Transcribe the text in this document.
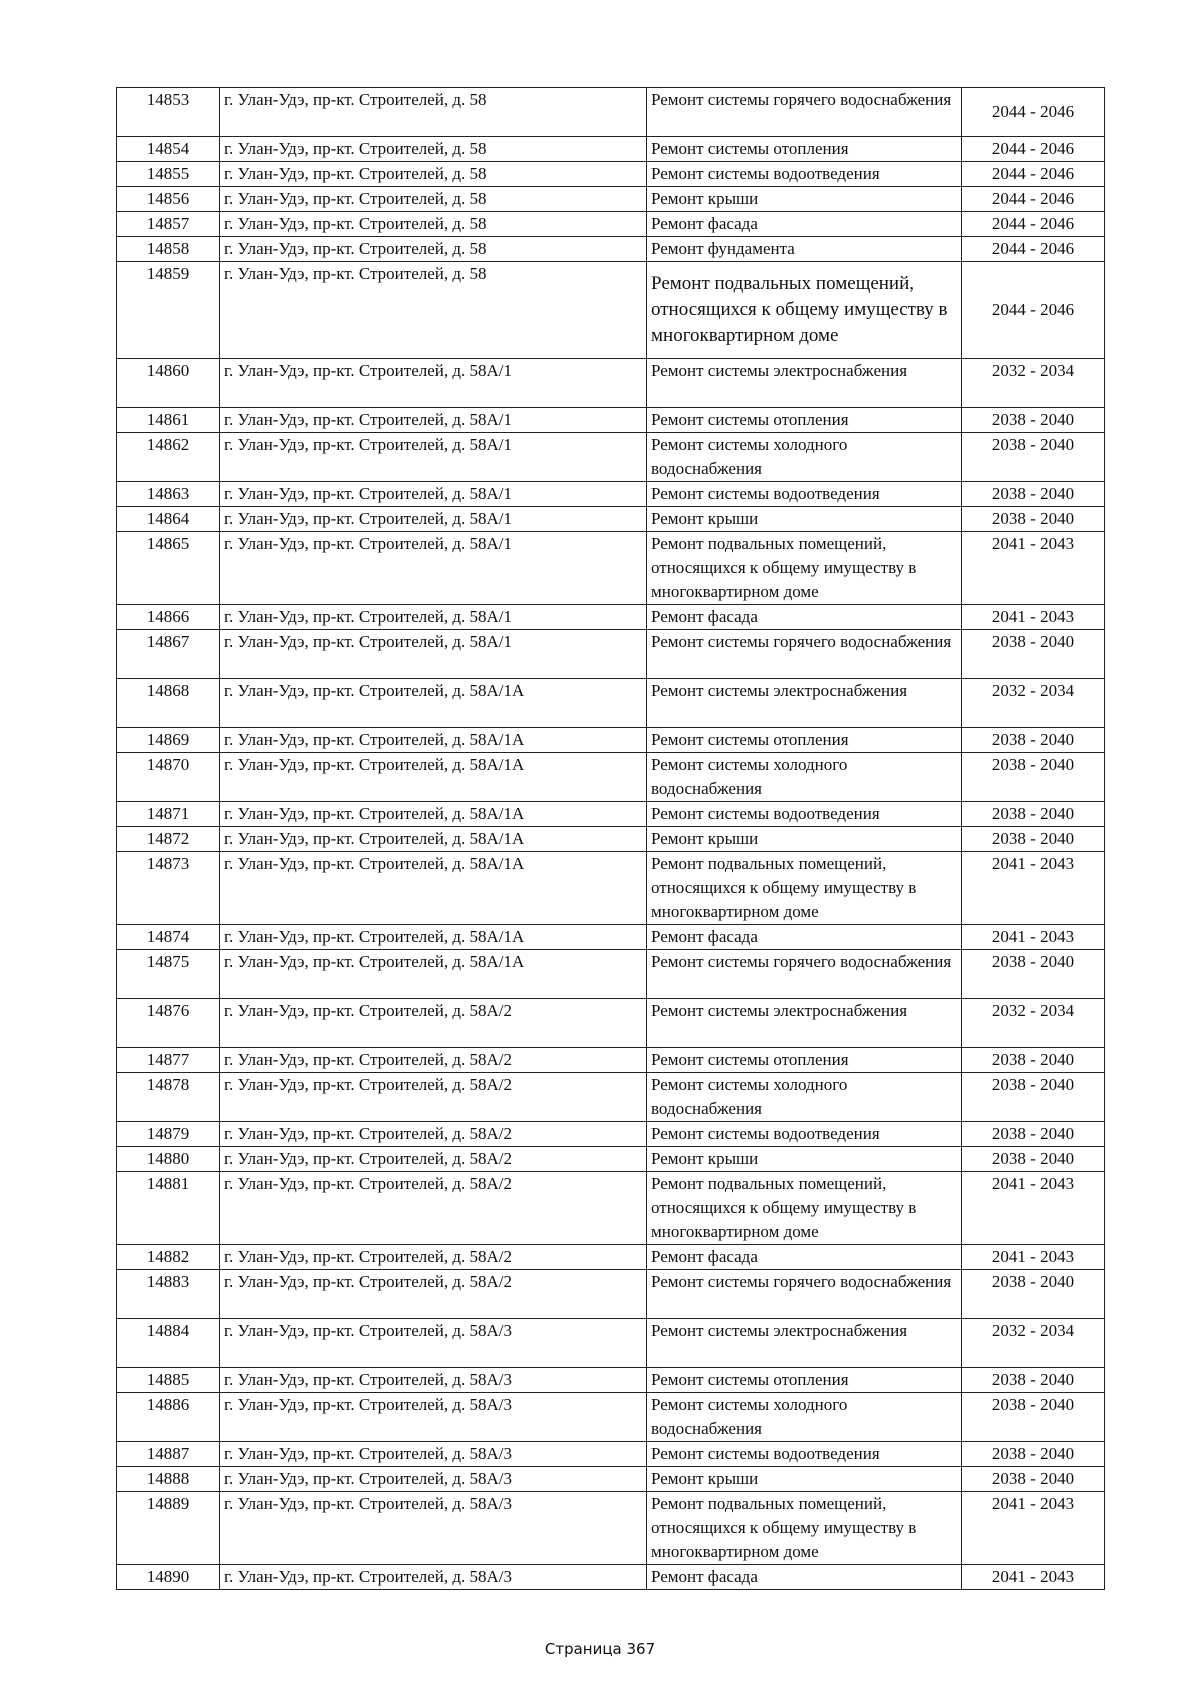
14853	г. Улан-Удэ, пр-кт. Строителей, д. 58	Ремонт системы горячего водоснабжения	2044 - 2046
14854	г. Улан-Удэ, пр-кт. Строителей, д. 58	Ремонт системы отопления	2044 - 2046
14855	г. Улан-Удэ, пр-кт. Строителей, д. 58	Ремонт системы водоотведения	2044 - 2046
14856	г. Улан-Удэ, пр-кт. Строителей, д. 58	Ремонт крыши	2044 - 2046
14857	г. Улан-Удэ, пр-кт. Строителей, д. 58	Ремонт фасада	2044 - 2046
14858	г. Улан-Удэ, пр-кт. Строителей, д. 58	Ремонт фундамента	2044 - 2046
14859	г. Улан-Удэ, пр-кт. Строителей, д. 58	Ремонт подвальных помещений, относящихся к общему имуществу в многоквартирном доме	2044 - 2046
14860	г. Улан-Удэ, пр-кт. Строителей, д. 58А/1	Ремонт системы электроснабжения	2032 - 2034
14861	г. Улан-Удэ, пр-кт. Строителей, д. 58А/1	Ремонт системы отопления	2038 - 2040
14862	г. Улан-Удэ, пр-кт. Строителей, д. 58А/1	Ремонт системы холодного водоснабжения	2038 - 2040
14863	г. Улан-Удэ, пр-кт. Строителей, д. 58А/1	Ремонт системы водоотведения	2038 - 2040
14864	г. Улан-Удэ, пр-кт. Строителей, д. 58А/1	Ремонт крыши	2038 - 2040
14865	г. Улан-Удэ, пр-кт. Строителей, д. 58А/1	Ремонт подвальных помещений, относящихся к общему имуществу в многоквартирном доме	2041 - 2043
14866	г. Улан-Удэ, пр-кт. Строителей, д. 58А/1	Ремонт фасада	2041 - 2043
14867	г. Улан-Удэ, пр-кт. Строителей, д. 58А/1	Ремонт системы горячего водоснабжения	2038 - 2040
14868	г. Улан-Удэ, пр-кт. Строителей, д. 58А/1А	Ремонт системы электроснабжения	2032 - 2034
14869	г. Улан-Удэ, пр-кт. Строителей, д. 58А/1А	Ремонт системы отопления	2038 - 2040
14870	г. Улан-Удэ, пр-кт. Строителей, д. 58А/1А	Ремонт системы холодного водоснабжения	2038 - 2040
14871	г. Улан-Удэ, пр-кт. Строителей, д. 58А/1А	Ремонт системы водоотведения	2038 - 2040
14872	г. Улан-Удэ, пр-кт. Строителей, д. 58А/1А	Ремонт крыши	2038 - 2040
14873	г. Улан-Удэ, пр-кт. Строителей, д. 58А/1А	Ремонт подвальных помещений, относящихся к общему имуществу в многоквартирном доме	2041 - 2043
14874	г. Улан-Удэ, пр-кт. Строителей, д. 58А/1А	Ремонт фасада	2041 - 2043
14875	г. Улан-Удэ, пр-кт. Строителей, д. 58А/1А	Ремонт системы горячего водоснабжения	2038 - 2040
14876	г. Улан-Удэ, пр-кт. Строителей, д. 58А/2	Ремонт системы электроснабжения	2032 - 2034
14877	г. Улан-Удэ, пр-кт. Строителей, д. 58А/2	Ремонт системы отопления	2038 - 2040
14878	г. Улан-Удэ, пр-кт. Строителей, д. 58А/2	Ремонт системы холодного водоснабжения	2038 - 2040
14879	г. Улан-Удэ, пр-кт. Строителей, д. 58А/2	Ремонт системы водоотведения	2038 - 2040
14880	г. Улан-Удэ, пр-кт. Строителей, д. 58А/2	Ремонт крыши	2038 - 2040
14881	г. Улан-Удэ, пр-кт. Строителей, д. 58А/2	Ремонт подвальных помещений, относящихся к общему имуществу в многоквартирном доме	2041 - 2043
14882	г. Улан-Удэ, пр-кт. Строителей, д. 58А/2	Ремонт фасада	2041 - 2043
14883	г. Улан-Удэ, пр-кт. Строителей, д. 58А/2	Ремонт системы горячего водоснабжения	2038 - 2040
14884	г. Улан-Удэ, пр-кт. Строителей, д. 58А/3	Ремонт системы электроснабжения	2032 - 2034
14885	г. Улан-Удэ, пр-кт. Строителей, д. 58А/3	Ремонт системы отопления	2038 - 2040
14886	г. Улан-Удэ, пр-кт. Строителей, д. 58А/3	Ремонт системы холодного водоснабжения	2038 - 2040
14887	г. Улан-Удэ, пр-кт. Строителей, д. 58А/3	Ремонт системы водоотведения	2038 - 2040
14888	г. Улан-Удэ, пр-кт. Строителей, д. 58А/3	Ремонт крыши	2038 - 2040
14889	г. Улан-Удэ, пр-кт. Строителей, д. 58А/3	Ремонт подвальных помещений, относящихся к общему имуществу в многоквартирном доме	2041 - 2043
14890	г. Улан-Удэ, пр-кт. Строителей, д. 58А/3	Ремонт фасада	2041 - 2043
Страница 367
